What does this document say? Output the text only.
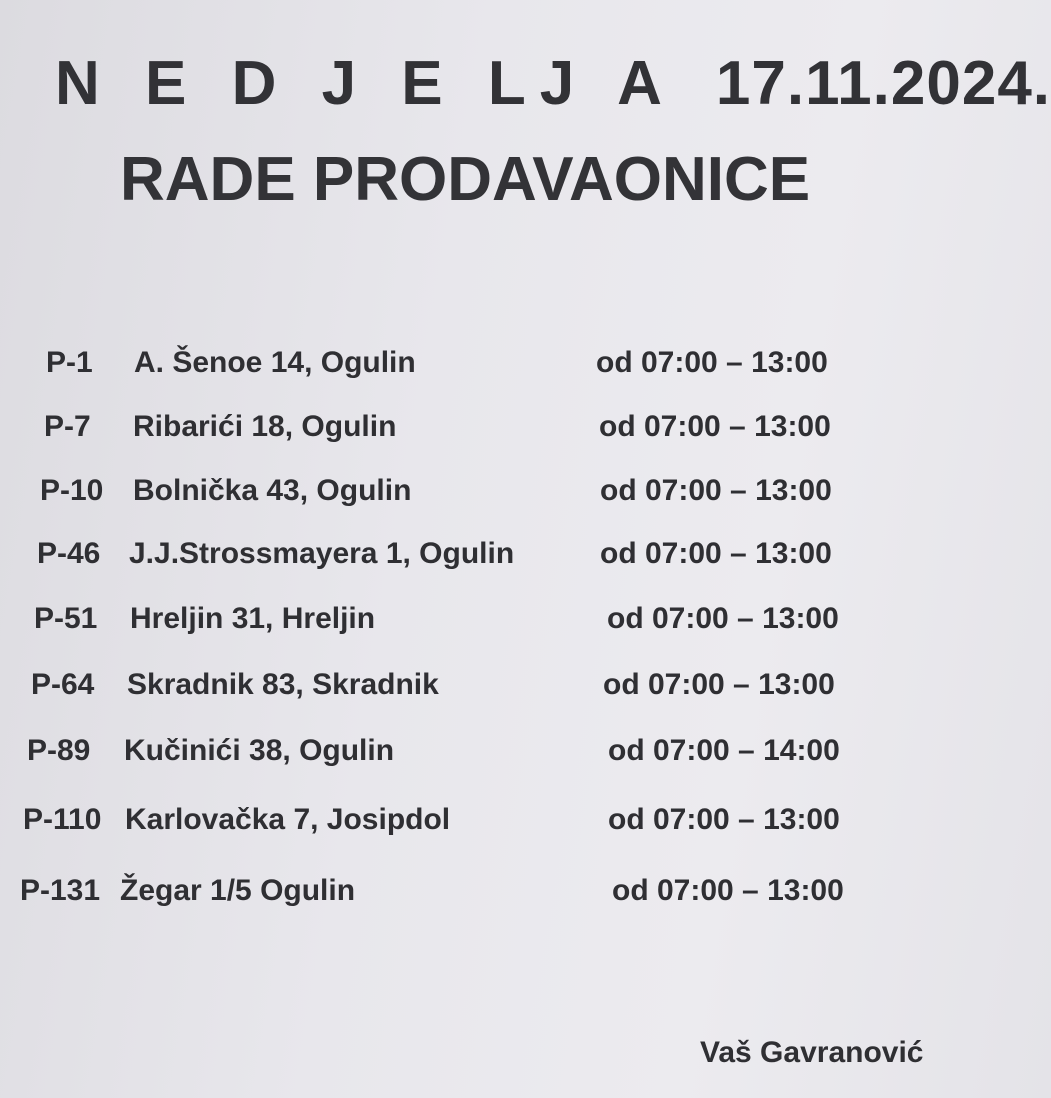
N E D J E LJ A 17.11.2024.
RADE PRODAVAONICE
P-1 A. Šenoe 14, Ogulin	od 07:00 – 13:00
P-7 Ribarići 18, Ogulin	od 07:00 – 13:00
P-10 Bolnička 43, Ogulin	od 07:00 – 13:00
P-46 J.J.Strossmayera 1, Ogulin	od 07:00 – 13:00
P-51 Hreljin 31, Hreljin	od 07:00 – 13:00
P-64 Skradnik 83, Skradnik	od 07:00 – 13:00
P-89 Kučinići 38, Ogulin	od 07:00 – 14:00
P-110 Karlovačka 7, Josipdol	od 07:00 – 13:00
P-131 Žegar 1/5 Ogulin	od 07:00 – 13:00
Vaš Gavranović
